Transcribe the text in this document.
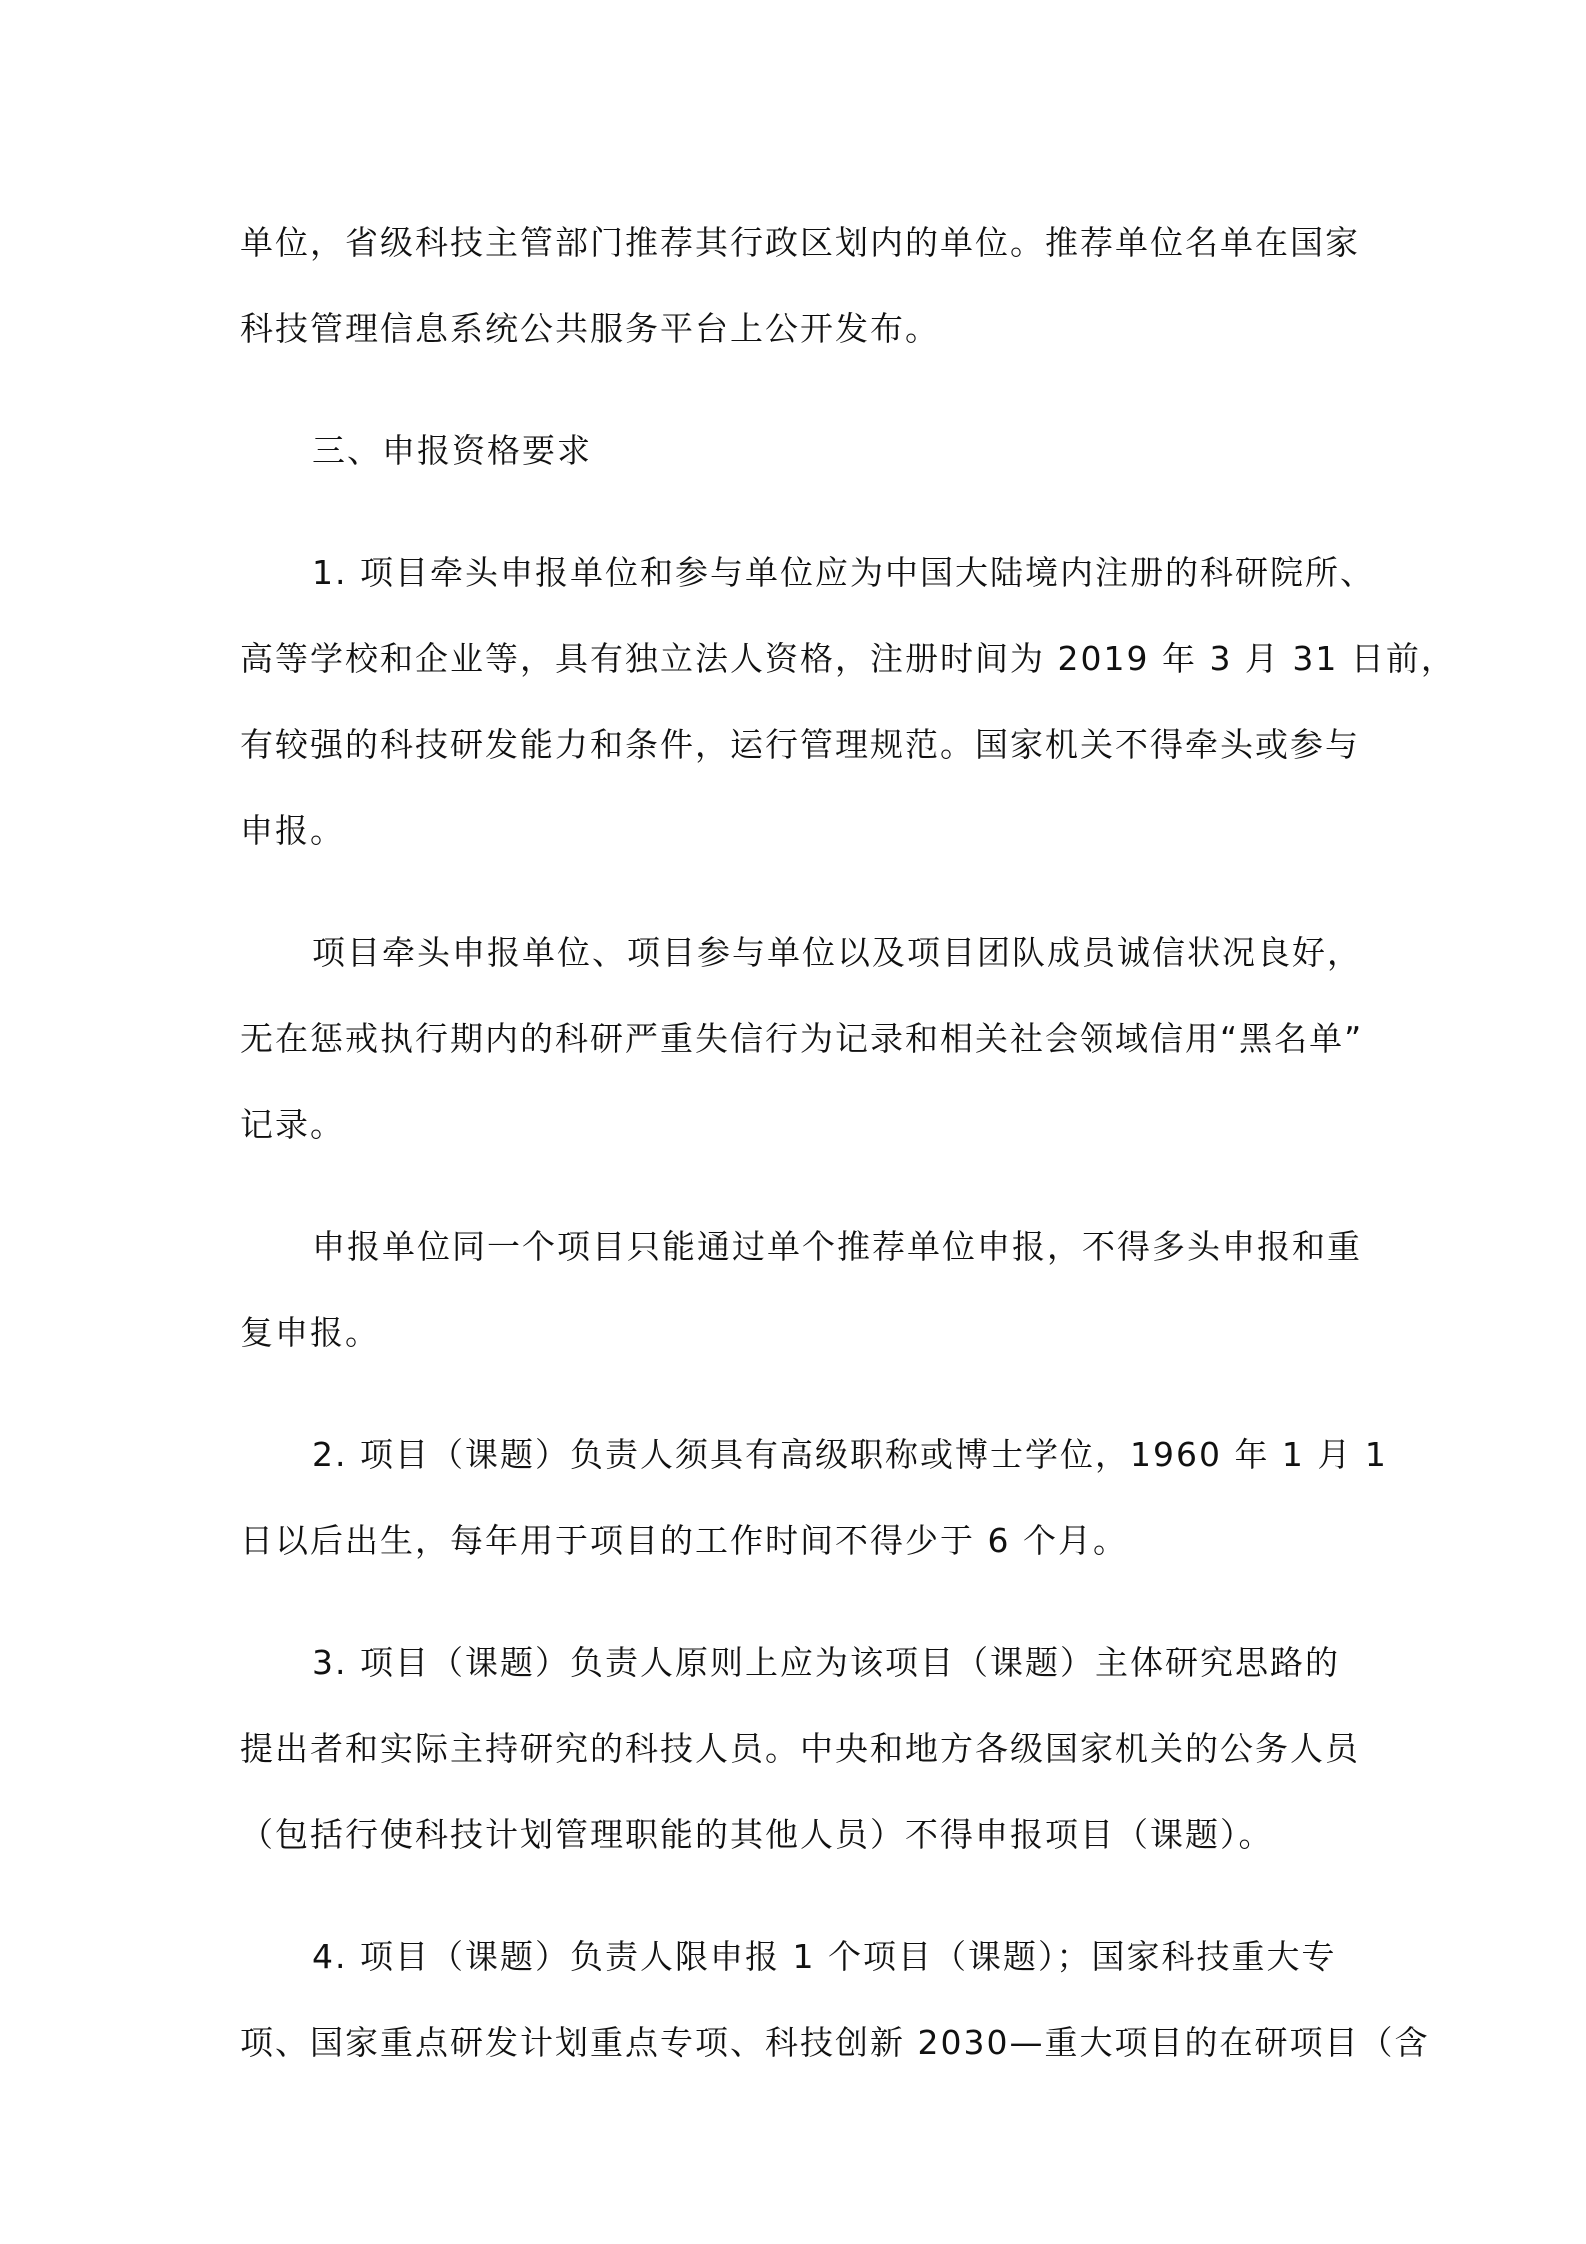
单位，省级科技主管部门推荐其行政区划内的单位。推荐单位名单在国家
科技管理信息系统公共服务平台上公开发布。
三、申报资格要求
1. 项目牵头申报单位和参与单位应为中国大陆境内注册的科研院所、
高等学校和企业等，具有独立法人资格，注册时间为 2019 年 3 月 31 日前，
有较强的科技研发能力和条件，运行管理规范。国家机关不得牵头或参与
申报。
项目牵头申报单位、项目参与单位以及项目团队成员诚信状况良好，
无在惩戒执行期内的科研严重失信行为记录和相关社会领域信用“黑名单”
记录。
申报单位同一个项目只能通过单个推荐单位申报，不得多头申报和重
复申报。
2. 项目（课题）负责人须具有高级职称或博士学位，1960 年 1 月 1
日以后出生，每年用于项目的工作时间不得少于 6 个月。
3. 项目（课题）负责人原则上应为该项目（课题）主体研究思路的
提出者和实际主持研究的科技人员。中央和地方各级国家机关的公务人员
（包括行使科技计划管理职能的其他人员）不得申报项目（课题）。
4. 项目（课题）负责人限申报 1 个项目（课题）；国家科技重大专
项、国家重点研发计划重点专项、科技创新 2030—重大项目的在研项目（含
